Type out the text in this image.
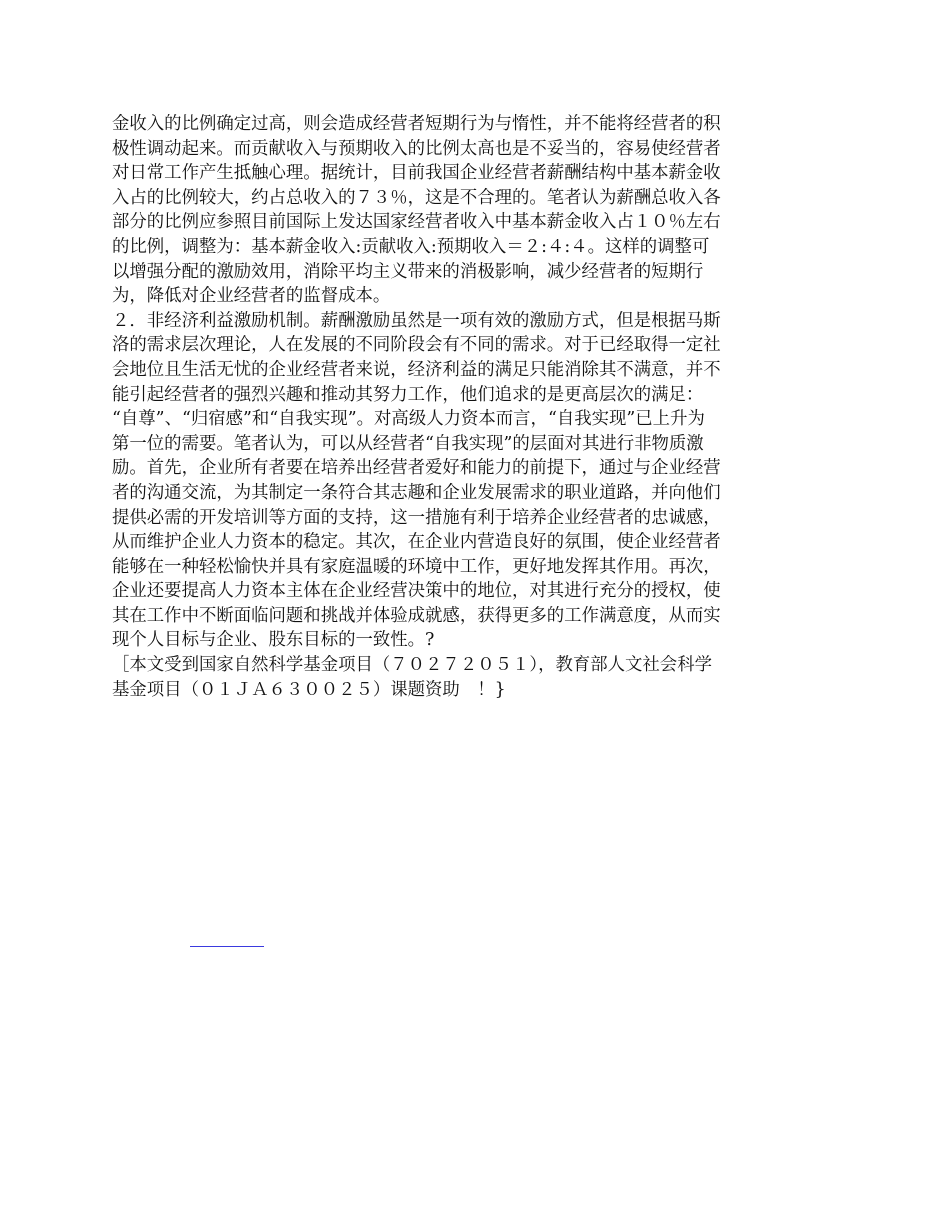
金收入的比例确定过高，则会造成经营者短期行为与惰性，并不能将经营者的积
极性调动起来。而贡献收入与预期收入的比例太高也是不妥当的，容易使经营者
对日常工作产生抵触心理。据统计，目前我国企业经营者薪酬结构中基本薪金收
入占的比例较大，约占总收入的７３％，这是不合理的。笔者认为薪酬总收入各
部分的比例应参照目前国际上发达国家经营者收入中基本薪金收入占１０％左右
的比例，调整为：基本薪金收入:贡献收入:预期收入＝２:４:４。这样的调整可
以增强分配的激励效用，消除平均主义带来的消极影响，减少经营者的短期行
为，降低对企业经营者的监督成本。
２．非经济利益激励机制。薪酬激励虽然是一项有效的激励方式，但是根据马斯
洛的需求层次理论，人在发展的不同阶段会有不同的需求。对于已经取得一定社
会地位且生活无忧的企业经营者来说，经济利益的满足只能消除其不满意，并不
能引起经营者的强烈兴趣和推动其努力工作，他们追求的是更高层次的满足：
“自尊”、“归宿感”和“自我实现”。对高级人力资本而言，“自我实现”已上升为
第一位的需要。笔者认为，可以从经营者“自我实现”的层面对其进行非物质激
励。首先，企业所有者要在培养出经营者爱好和能力的前提下，通过与企业经营
者的沟通交流，为其制定一条符合其志趣和企业发展需求的职业道路，并向他们
提供必需的开发培训等方面的支持，这一措施有利于培养企业经营者的忠诚感，
从而维护企业人力资本的稳定。其次，在企业内营造良好的氛围，使企业经营者
能够在一种轻松愉快并具有家庭温暖的环境中工作，更好地发挥其作用。再次，
企业还要提高人力资本主体在企业经营决策中的地位，对其进行充分的授权，使
其在工作中不断面临问题和挑战并体验成就感，获得更多的工作满意度，从而实
现个人目标与企业、股东目标的一致性。?
［本文受到国家自然科学基金项目（７０２７２０５１），教育部人文社会科学
基金项目（０１ＪＡ６３００２５）课题资助　！}
